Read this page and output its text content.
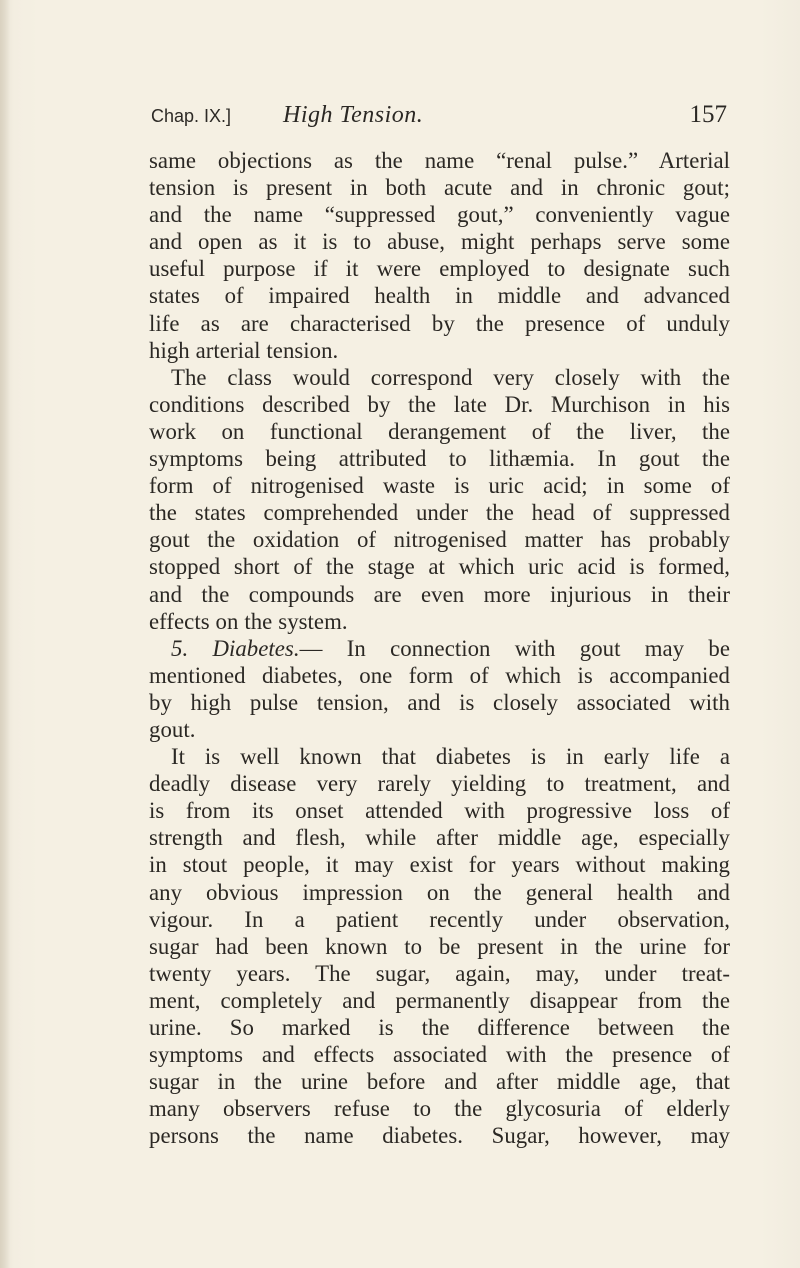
Chap. IX.] High Tension.	157
same objections as the name “renal pulse.” Arterial
tension is present in both acute and in chronic gout;
and the name “suppressed gout,” conveniently vague
and open as it is to abuse, might perhaps serve some
useful purpose if it were employed to designate such
states of impaired health in middle and advanced
life as are characterised by the presence of unduly
high arterial tension.
The class would correspond very closely with the
conditions described by the late Dr. Murchison in his
work on functional derangement of the liver, the
symptoms being attributed to lithæmia. In gout the
form of nitrogenised waste is uric acid; in some of
the states comprehended under the head of suppressed
gout the oxidation of nitrogenised matter has probably
stopped short of the stage at which uric acid is formed,
and the compounds are even more injurious in their
effects on the system.
5. Diabetes.— In connection with gout may be
mentioned diabetes, one form of which is accompanied
by high pulse tension, and is closely associated with
gout.
It is well known that diabetes is in early life a
deadly disease very rarely yielding to treatment, and
is from its onset attended with progressive loss of
strength and flesh, while after middle age, especially
in stout people, it may exist for years without making
any obvious impression on the general health and
vigour. In a patient recently under observation,
sugar had been known to be present in the urine for
twenty years. The sugar, again, may, under treat-
ment, completely and permanently disappear from the
urine. So marked is the difference between the
symptoms and effects associated with the presence of
sugar in the urine before and after middle age, that
many observers refuse to the glycosuria of elderly
persons the name diabetes. Sugar, however, may
